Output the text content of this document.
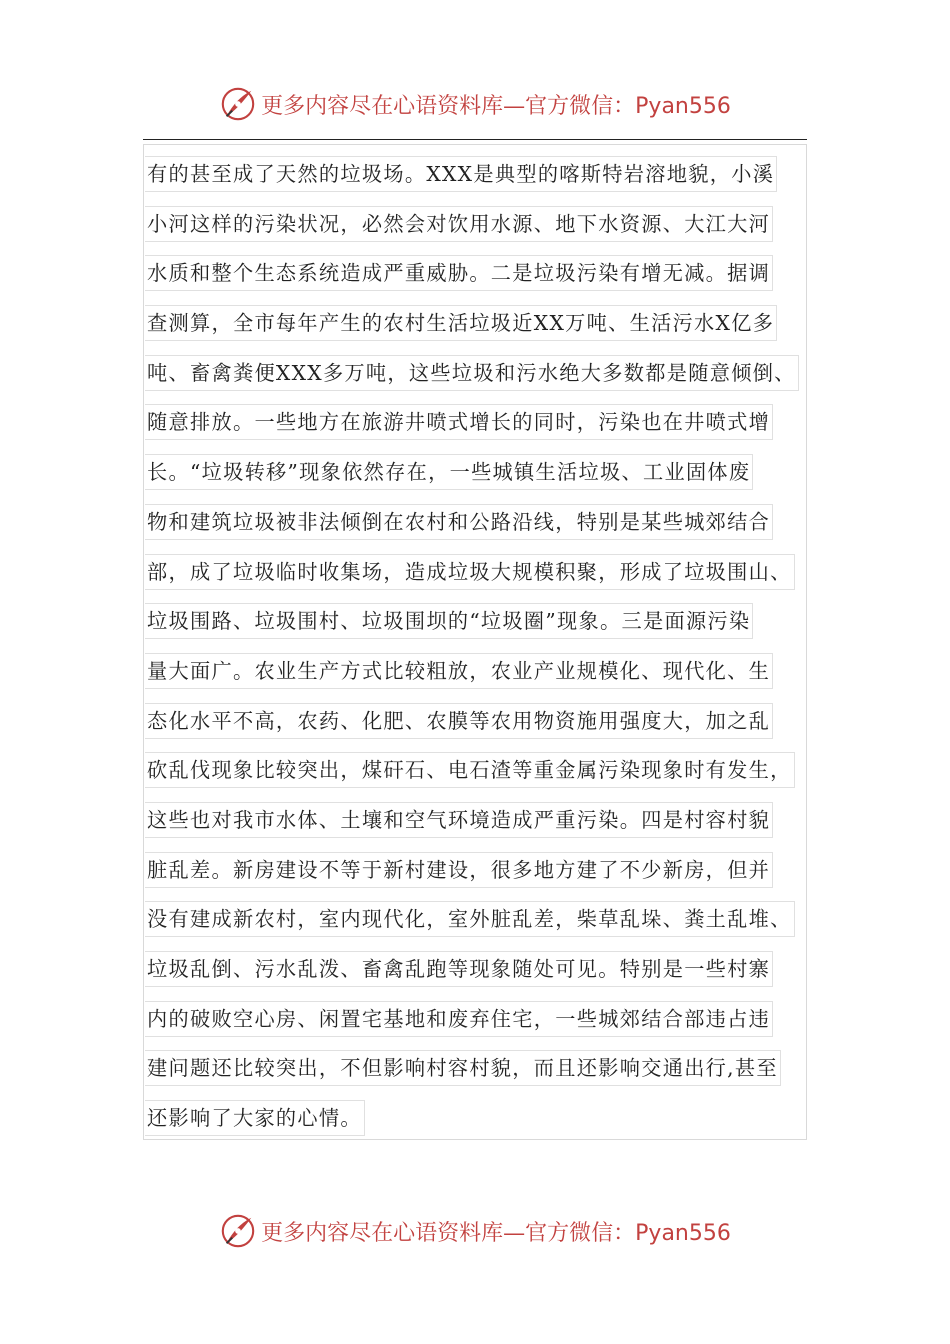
更多内容尽在心语资料库—官方微信：Pyan556
有的甚至成了天然的垃圾场。XXX是典型的喀斯特岩溶地貌，小溪
小河这样的污染状况，必然会对饮用水源、地下水资源、大江大河
水质和整个生态系统造成严重威胁。二是垃圾污染有增无减。据调
查测算，全市每年产生的农村生活垃圾近XX万吨、生活污水X亿多
吨、畜禽粪便XXX多万吨，这些垃圾和污水绝大多数都是随意倾倒、
随意排放。一些地方在旅游井喷式增长的同时，污染也在井喷式增
长。“垃圾转移”现象依然存在，一些城镇生活垃圾、工业固体废
物和建筑垃圾被非法倾倒在农村和公路沿线，特别是某些城郊结合
部，成了垃圾临时收集场，造成垃圾大规模积聚，形成了垃圾围山、
垃圾围路、垃圾围村、垃圾围坝的“垃圾圈”现象。三是面源污染
量大面广。农业生产方式比较粗放，农业产业规模化、现代化、生
态化水平不高，农药、化肥、农膜等农用物资施用强度大，加之乱
砍乱伐现象比较突出，煤矸石、电石渣等重金属污染现象时有发生，
这些也对我市水体、土壤和空气环境造成严重污染。四是村容村貌
脏乱差。新房建设不等于新村建设，很多地方建了不少新房，但并
没有建成新农村，室内现代化，室外脏乱差，柴草乱垛、粪土乱堆、
垃圾乱倒、污水乱泼、畜禽乱跑等现象随处可见。特别是一些村寨
内的破败空心房、闲置宅基地和废弃住宅，一些城郊结合部违占违
建问题还比较突出，不但影响村容村貌，而且还影响交通出行,甚至
还影响了大家的心情。
更多内容尽在心语资料库—官方微信：Pyan556
